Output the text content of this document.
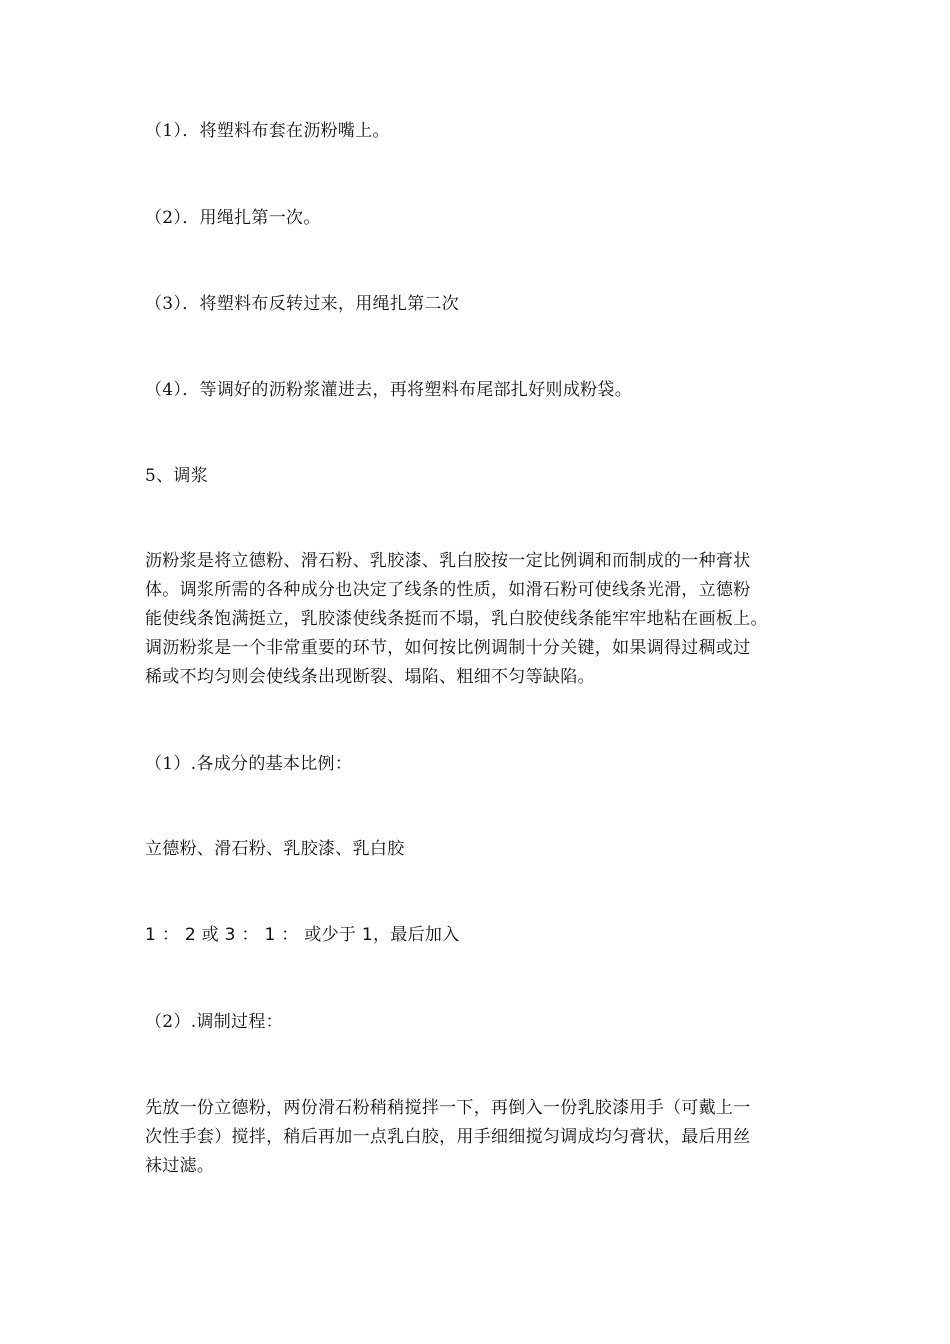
（1）．将塑料布套在沥粉嘴上。
（2）．用绳扎第一次。
（3）．将塑料布反转过来，用绳扎第二次
（4）．等调好的沥粉浆灌进去，再将塑料布尾部扎好则成粉袋。
5、调浆
沥粉浆是将立德粉、滑石粉、乳胶漆、乳白胶按一定比例调和而制成的一种膏状
体。调浆所需的各种成分也决定了线条的性质，如滑石粉可使线条光滑，立德粉
能使线条饱满挺立，乳胶漆使线条挺而不塌，乳白胶使线条能牢牢地粘在画板上。
调沥粉浆是一个非常重要的环节，如何按比例调制十分关键，如果调得过稠或过
稀或不均匀则会使线条出现断裂、塌陷、粗细不匀等缺陷。
（1）.各成分的基本比例：
立德粉、滑石粉、乳胶漆、乳白胶
1 ： 2 或 3 ： 1 ： 或少于 1，最后加入
（2）.调制过程：
先放一份立德粉，两份滑石粉稍稍搅拌一下，再倒入一份乳胶漆用手（可戴上一
次性手套）搅拌，稍后再加一点乳白胶，用手细细搅匀调成均匀膏状，最后用丝
袜过滤。
